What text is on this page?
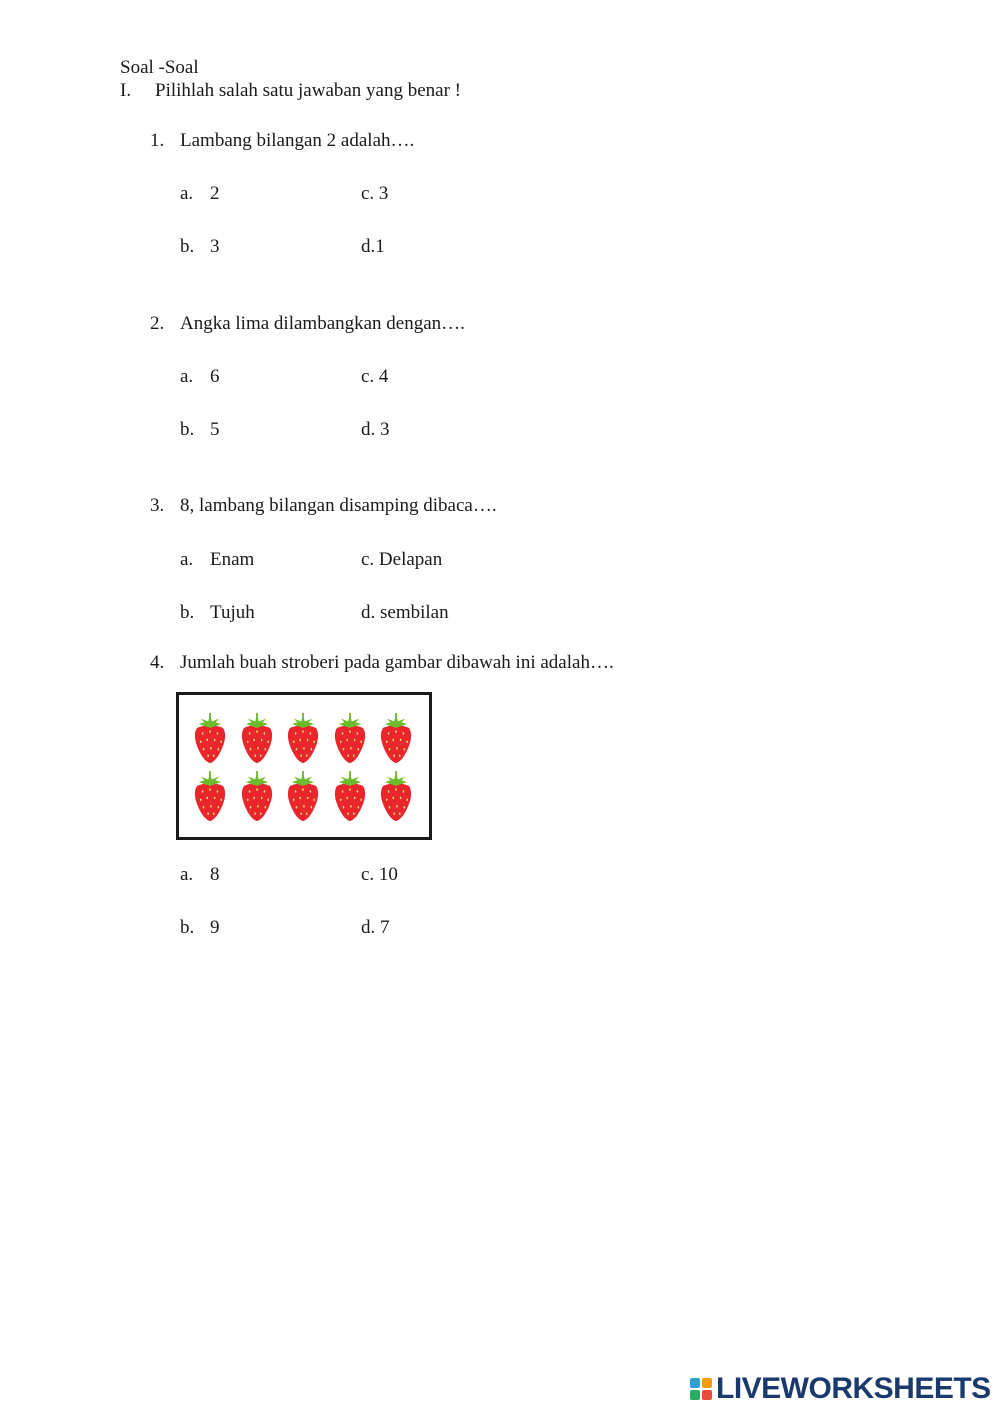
Soal -Soal
I. Pilihlah salah satu jawaban yang benar !
1. Lambang bilangan 2 adalah….
a. 2	c. 3
b. 3	d.1
2. Angka lima dilambangkan dengan….
a. 6	c. 4
b. 5	d. 3
3. 8, lambang bilangan disamping dibaca….
a. Enam	c. Delapan
b. Tujuh	d. sembilan
4. Jumlah buah stroberi pada gambar dibawah ini adalah….
a. 8	c. 10
b. 9	d. 7
LIVEWORKSHEETS
